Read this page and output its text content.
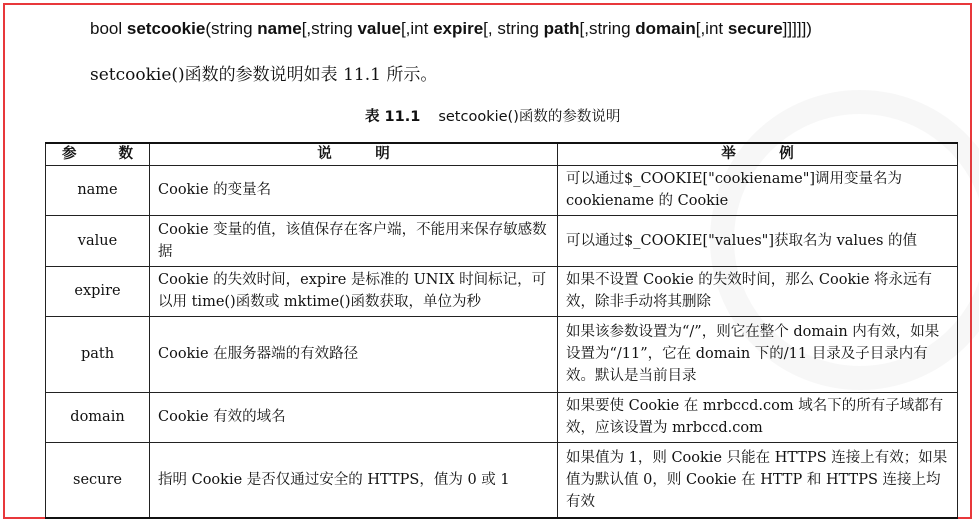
bool setcookie(string name[,string value[,int expire[, string path[,string domain[,int secure]]]]])
setcookie()函数的参数说明如表 11.1 所示。
表 11.1 setcookie()函数的参数说明
参　　数	说　　　明	举　　　例
name	Cookie 的变量名	可以通过$_COOKIE["cookiename"]调用变量名为 cookiename 的 Cookie
value	Cookie 变量的值，该值保存在客户端，不能用来保存敏感数据	可以通过$_COOKIE["values"]获取名为 values 的值
expire	Cookie 的失效时间，expire 是标准的 UNIX 时间标记，可以用 time()函数或 mktime()函数获取，单位为秒	如果不设置 Cookie 的失效时间，那么 Cookie 将永远有效，除非手动将其删除
path	Cookie 在服务器端的有效路径	如果该参数设置为“/”，则它在整个 domain 内有效，如果设置为“/11”，它在 domain 下的/11 目录及子目录内有效。默认是当前目录
domain	Cookie 有效的域名	如果要使 Cookie 在 mrbccd.com 域名下的所有子域都有效，应该设置为 mrbccd.com
secure	指明 Cookie 是否仅通过安全的 HTTPS，值为 0 或 1	如果值为 1，则 Cookie 只能在 HTTPS 连接上有效；如果值为默认值 0，则 Cookie 在 HTTP 和 HTTPS 连接上均有效
